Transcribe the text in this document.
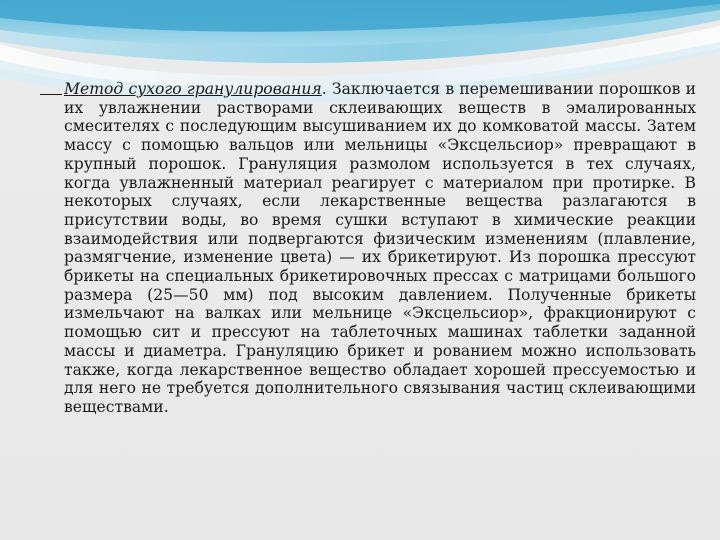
Метод сухого гранулирования. Заключается в перемешивании порошков и их увлажнении растворами склеивающих веществ в эмалированных смесителях с последующим высушиванием их до комковатой массы. Затем массу с помощью вальцов или мельницы «Эксцельсиор» превращают в крупный порошок. Грануляция размолом используется в тех случаях, когда увлажненный материал реагирует с материалом при протирке. В некоторых случаях, если лекарственные вещества разлагаются в присутствии воды, во время сушки вступают в химические реакции взаимодействия или подвергаются физическим изменениям (плавление, размягчение, изменение цвета) — их брикетируют. Из порошка прессуют брикеты на специальных брикетировочных прессах с матрицами большого размера (25—50 мм) под высоким давлением. Полученные брикеты измельчают на валках или мельнице «Эксцельсиор», фракционируют с помощью сит и прессуют на таблеточных машинах таблетки заданной массы и диаметра. Грануляцию брикет и рованием можно использовать также, когда лекарственное вещество обладает хорошей прессуемостью и для него не требуется дополнительного связывания частиц склеивающими веществами.
